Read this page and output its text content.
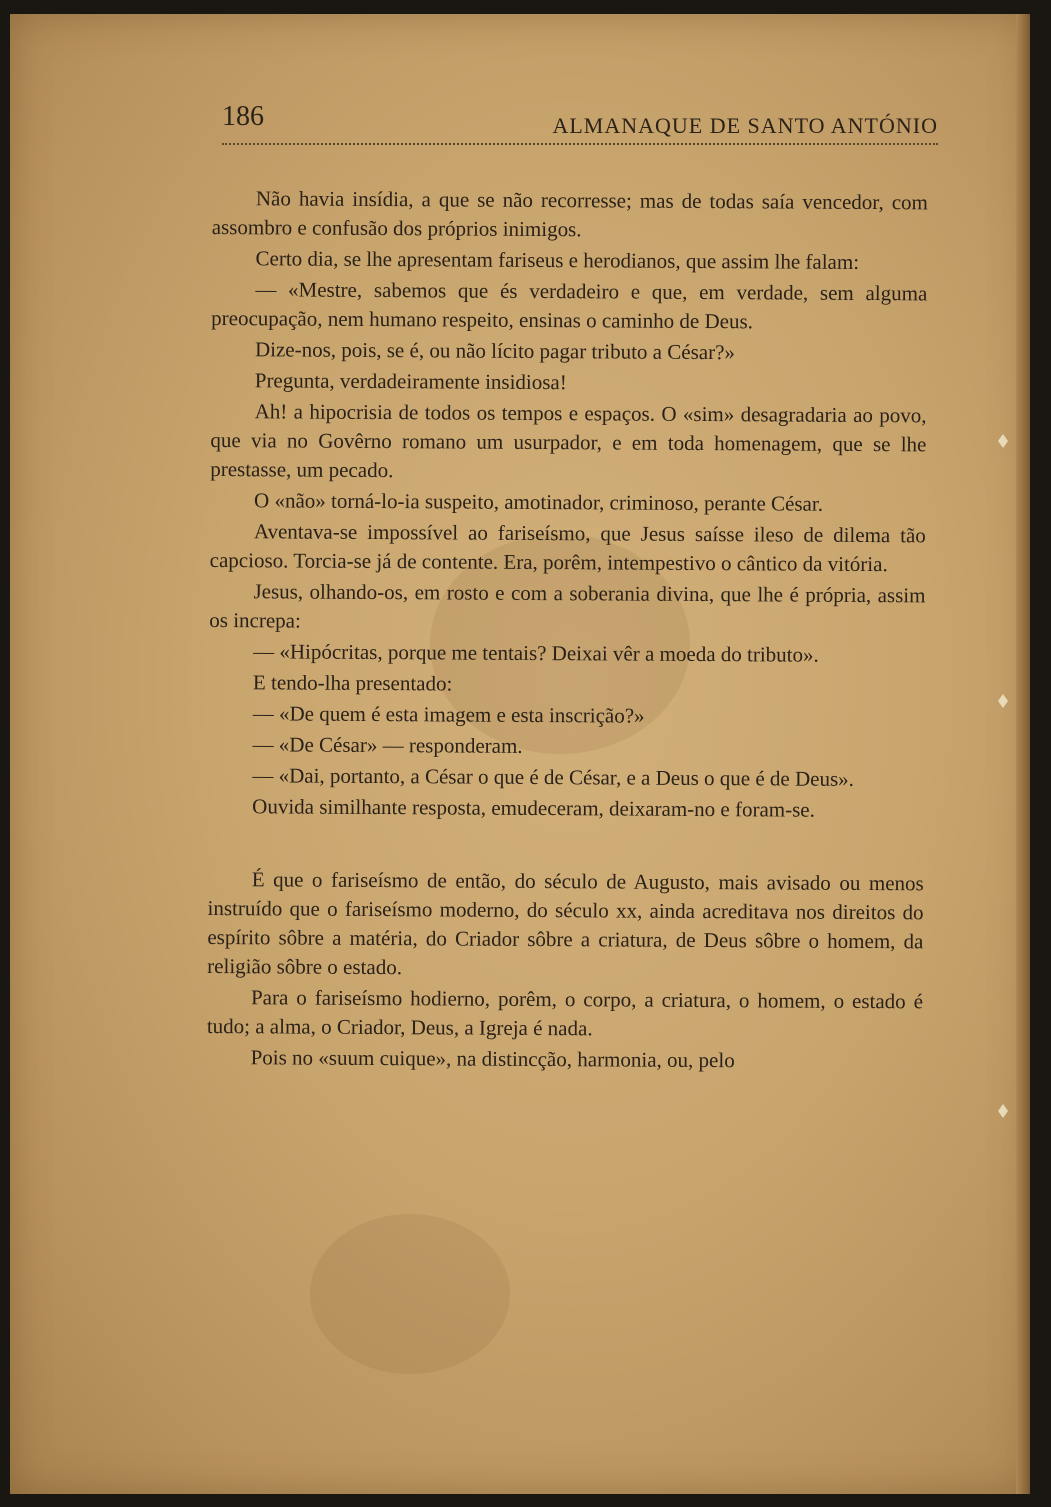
186	ALMANAQUE DE SANTO ANTÓNIO

Não havia insídia, a que se não recorresse; mas de todas saía vencedor, com assombro e confusão dos próprios inimigos.

Certo dia, se lhe apresentam fariseus e herodianos, que assim lhe falam:

— «Mestre, sabemos que és verdadeiro e que, em verdade, sem alguma preocupação, nem humano respeito, ensinas o caminho de Deus.

Dize-nos, pois, se é, ou não lícito pagar tributo a César?»

Pregunta, verdadeiramente insidiosa!

Ah! a hipocrisia de todos os tempos e espaços. O «sim» desagradaria ao povo, que via no Govêrno romano um usurpador, e em toda homenagem, que se lhe prestasse, um pecado.

O «não» torná-lo-ia suspeito, amotinador, criminoso, perante César.

Aventava-se impossível ao fariseísmo, que Jesus saísse ileso de dilema tão capcioso. Torcia-se já de contente. Era, porêm, intempestivo o cântico da vitória.

Jesus, olhando-os, em rosto e com a soberania divina, que lhe é própria, assim os increpa:

— «Hipócritas, porque me tentais? Deixai vêr a moeda do tributo».

E tendo-lha presentado:

— «De quem é esta imagem e esta inscrição?»

— «De César» — responderam.

— «Dai, portanto, a César o que é de César, e a Deus o que é de Deus».

Ouvida similhante resposta, emudeceram, deixaram-no e foram-se.

É que o fariseísmo de então, do século de Augusto, mais avisado ou menos instruído que o fariseísmo moderno, do século xx, ainda acreditava nos direitos do espírito sôbre a matéria, do Criador sôbre a criatura, de Deus sôbre o homem, da religião sôbre o estado.

Para o fariseísmo hodierno, porêm, o corpo, a criatura, o homem, o estado é tudo; a alma, o Criador, Deus, a Igreja é nada.

Pois no «suum cuique», na distincção, harmonia, ou, pelo
